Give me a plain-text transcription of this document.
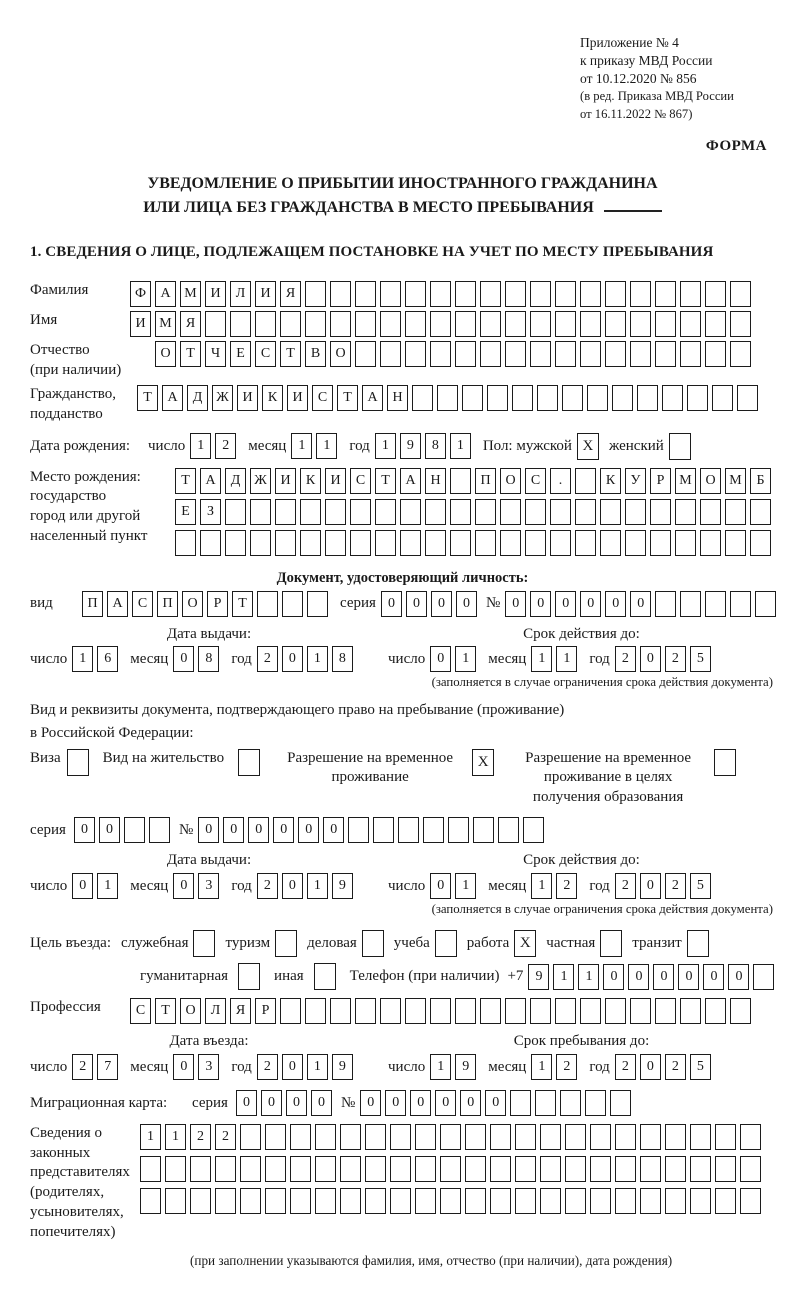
Приложение № 4
к приказу МВД России
от 10.12.2020 № 856
(в ред. Приказа МВД России
от 16.11.2022 № 867)
ФОРМА
УВЕДОМЛЕНИЕ О ПРИБЫТИИ ИНОСТРАННОГО ГРАЖДАНИНА
ИЛИ ЛИЦА БЕЗ ГРАЖДАНСТВА В МЕСТО ПРЕБЫВАНИЯ
1. СВЕДЕНИЯ О ЛИЦЕ, ПОДЛЕЖАЩЕМ ПОСТАНОВКЕ НА УЧЕТ ПО МЕСТУ ПРЕБЫВАНИЯ
Фамилия	Ф	А М И	Л	И	Я
Имя	И М	Я
Отчество
(при наличии)
О	Т	Ч	Е	С	Т	В	О
Гражданство,
подданство
Т	А	Д Ж И	К	И	С	Т	А	Н
Дата рождения:	число 1	2	месяц 1	1	год 1	9	8	1	Пол: мужской X	женский
Место рождения:
государство
город или другой
населенный пункт
Т	А	Д Ж И	К	И	С	Т	А	Н	П	О	С	.	К	У	Р	М О М	Б
Е	З
Документ, удостоверяющий личность:
вид	П	А	С	П	О	Р	Т	серия 0	0	0	0	№ 0	0	0	0	0	0
Дата выдачи:
число 1	6	месяц 0	8	год 2	0	1	8
Срок действия до:
число 0	1	месяц 1	1	год 2	0	2	5
(заполняется в случае ограничения срока действия документа)
Вид и реквизиты документа, подтверждающего право на пребывание (проживание)
в Российской Федерации:
Виза	Вид на жительство	Разрешение на временное
проживание
X	Разрешение на временное
проживание в целях
получения образования
серия	0	0	№ 0	0	0	0	0	0
Дата выдачи:
число 0	1	месяц 0	3	год 2	0	1	9
Срок действия до:
число 0	1	месяц 1	2	год 2	0	2	5
(заполняется в случае ограничения срока действия документа)
Цель въезда: служебная туризм деловая учеба работа X	частная транзит
гуманитарная	иная	Телефон (при наличии) +7 9	1	1	0	0	0	0	0	0
Профессия	С	Т	О	Л	Я	Р
Дата въезда:
число 2	7	месяц 0	3	год 2	0	1	9
Срок пребывания до:
число 1	9	месяц 1	2	год 2	0	2	5
Миграционная карта:	серия	0	0	0	0	№ 0	0	0	0	0	0
Сведения о
законных
представителях
(родителях,
усыновителях,
попечителях)
1	1	2	2
(при заполнении указываются фамилия, имя, отчество (при наличии), дата рождения)
